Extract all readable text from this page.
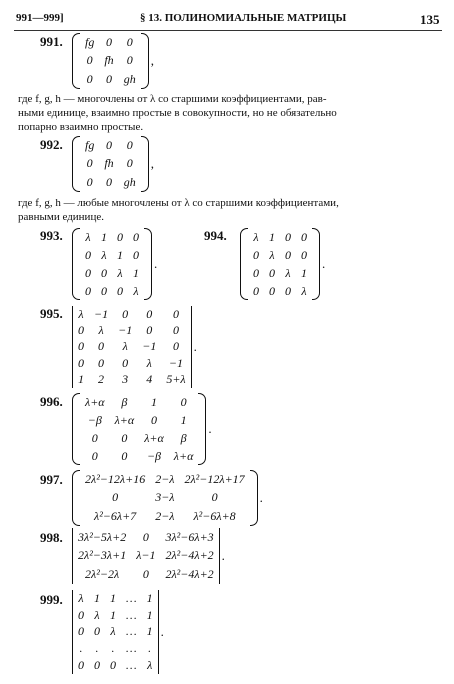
991—999]	§ 13. ПОЛИНОМИАЛЬНЫЕ МАТРИЦЫ	135
991. fg	0	0
0	fh	0
0	0	gh
,
где f, g, h — многочлены от λ со старшими коэффициентами, рав-
ными единице, взаимно простые в совокупности, но не обязательно
попарно взаимно простые.
992. fg	0	0
0	fh	0
0	0	gh
,
где f, g, h — любые многочлены от λ со старшими коэффициентами,
равными единице.
993. λ	1	0	0
0	λ	1	0
0	0	λ	1
0	0	0	λ
.
994. λ	1	0	0
0	λ	0	0
0	0	λ	1
0	0	0	λ
.
995. λ	−1	0	0	0
0	λ	−1	0	0
0	0	λ	−1	0
0	0	0	λ	−1
1	2	3	4	5+λ
.
996. λ+α	β	1	0
−β	λ+α	0	1
0	0	λ+α	β
0	0	−β	λ+α
.
997. 2λ²−12λ+16	2−λ	2λ²−12λ+17
0	3−λ	0
λ²−6λ+7	2−λ	λ²−6λ+8
.
998. 3λ²−5λ+2	0	3λ²−6λ+3
2λ²−3λ+1	λ−1	2λ²−4λ+2
2λ²−2λ	0	2λ²−4λ+2
.
999. λ	1	1	…	1
0	λ	1	…	1
0	0	λ	…	1
.	.	.	…	.
0	0	0	…	λ
.
